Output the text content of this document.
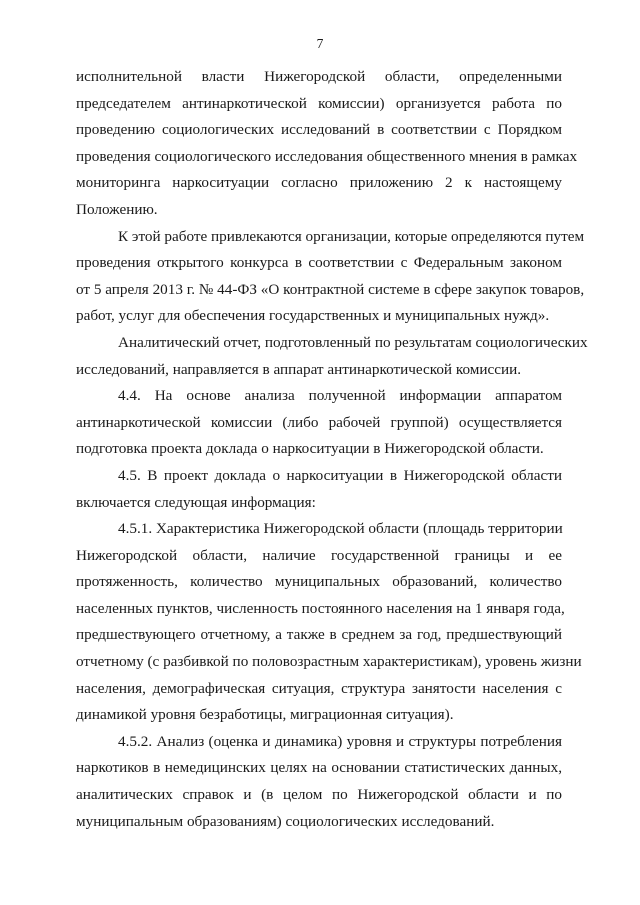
7

исполнительной власти Нижегородской области, определенными
председателем антинаркотической комиссии) организуется работа по
проведению социологических исследований в соответствии с Порядком
проведения социологического исследования общественного мнения в рамках
мониторинга наркоситуации согласно приложению 2 к настоящему
Положению.

К этой работе привлекаются организации, которые определяются путем
проведения открытого конкурса в соответствии с Федеральным законом
от 5 апреля 2013 г. № 44-ФЗ «О контрактной системе в сфере закупок товаров,
работ, услуг для обеспечения государственных и муниципальных нужд».

Аналитический отчет, подготовленный по результатам социологических
исследований, направляется в аппарат антинаркотической комиссии.

4.4. На основе анализа полученной информации аппаратом
антинаркотической комиссии (либо рабочей группой) осуществляется
подготовка проекта доклада о наркоситуации в Нижегородской области.

4.5. В проект доклада о наркоситуации в Нижегородской области
включается следующая информация:

4.5.1. Характеристика Нижегородской области (площадь территории
Нижегородской области, наличие государственной границы и ее
протяженность, количество муниципальных образований, количество
населенных пунктов, численность постоянного населения на 1 января года,
предшествующего отчетному, а также в среднем за год, предшествующий
отчетному (с разбивкой по половозрастным характеристикам), уровень жизни
населения, демографическая ситуация, структура занятости населения с
динамикой уровня безработицы, миграционная ситуация).

4.5.2. Анализ (оценка и динамика) уровня и структуры потребления
наркотиков в немедицинских целях на основании статистических данных,
аналитических справок и (в целом по Нижегородской области и по
муниципальным образованиям) социологических исследований.
